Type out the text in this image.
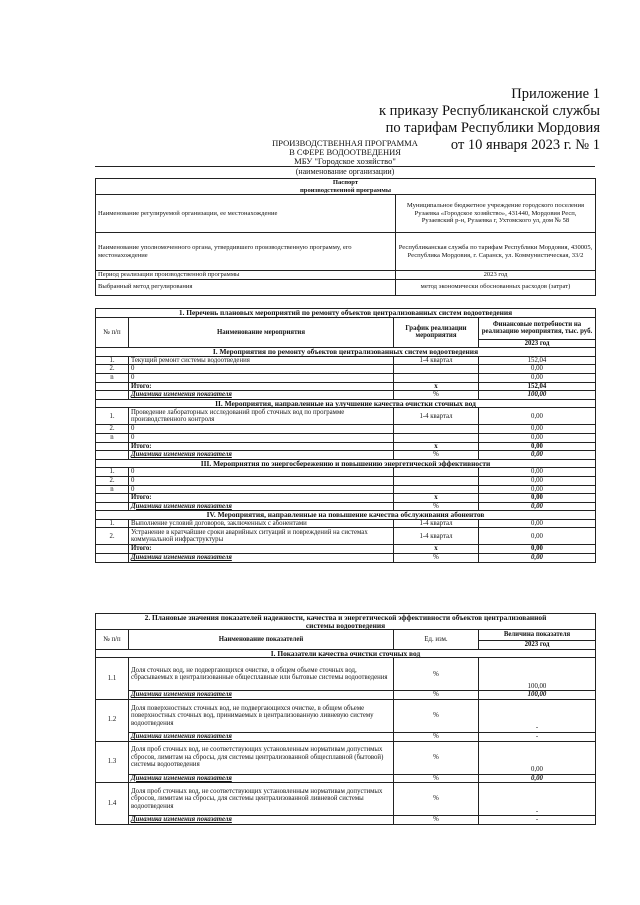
Приложение 1
к приказу Республиканской службы
по тарифам Республики Мордовия
от 10 января 2023 г. № 1
ПРОИЗВОДСТВЕННАЯ ПРОГРАММА
В СФЕРЕ ВОДООТВЕДЕНИЯ
МБУ "Городское хозяйство"
(наименование организации)
Паспорт	
производственной программы	
Наименование регулируемой организации, ее местонахождение	Муниципальное бюджетное учреждение городского поселения Рузаевка «Городское хозяйство», 431440, Мордовия Респ, Рузаевский р-н, Рузаевка г, Ухтомского ул, дом № 58
Наименование уполномоченного органа, утвердившего производственную программу, его местонахождение	Республиканская служба по тарифам Республики Мордовия, 430005, Республика Мордовия, г. Саранск, ул. Коммунистическая, 33/2
Период реализации производственной программы	2023 год
Выбранный метод регулирования	метод экономически обоснованных расходов (затрат)
1. Перечень плановых мероприятий по ремонту объектов централизованных систем водоотведения			
№ п/п	Наименование мероприятия	График реализации мероприятия	Финансовые потребности на реализацию мероприятия, тыс. руб.
			2023 год
I. Мероприятия по ремонту объектов централизованных систем водоотведения			
1.	Текущий ремонт системы водоотведения	1-4 квартал	152,04
2.	0		0,00
n	0		0,00
	Итого:	x	152,04
	Динамика изменения показателя	%	100,00
II. Мероприятия, направленные на улучшение качества очистки сточных вод			
1.	Проведение лабораторных исследований проб сточных вод по программе производственного контроля	1-4 квартал	0,00
2.	0		0,00
n	0		0,00
	Итого:	x	0,00
	Динамика изменения показателя	%	0,00
III. Мероприятия по энергосбережению и повышению энергетической эффективности			
1.	0		0,00
2.	0		0,00
n	0		0,00
	Итого:	x	0,00
	Динамика изменения показателя	%	0,00
IV. Мероприятия, направленные на повышение качества обслуживания абонентов			
1.	Выполнение условий договоров, заключенных с абонентами	1-4 квартал	0,00
2.	Устранение в кратчайшие сроки аварийных ситуаций и повреждений на системах коммунальной инфраструктуры	1-4 квартал	0,00
	Итого:	x	0,00
	Динамика изменения показателя	%	0,00
2. Плановые значения показателей надежности, качества и энергетической эффективности объектов централизованной системы водоотведения			
№ п/п	Наименование показателей	Ед. изм.	Величина показателя
			2023 год
I. Показатели качества очистки сточных вод			
1.1	Доля сточных вод, не подвергающихся очистке, в общем объеме сточных вод, сбрасываемых в централизованные общесплавные или бытовые системы водоотведения	%	100,00
	Динамика изменения показателя	%	100,00
1.2	Доля поверхностных сточных вод, не подвергающихся очистке, в общем объеме поверхностных сточных вод, принимаемых в централизованную ливневую систему водоотведения	%	-
	Динамика изменения показателя	%	-
1.3	Доля проб сточных вод, не соответствующих установленным нормативам допустимых сбросов, лимитам на сбросы, для системы централизованной общесплавной (бытовой) системы водоотведения	%	0,00
	Динамика изменения показателя	%	0,00
1.4	Доля проб сточных вод, не соответствующих установленным нормативам допустимых сбросов, лимитам на сбросы, для системы централизованной ливневой системы водоотведения	%	-
	Динамика изменения показателя	%	-
